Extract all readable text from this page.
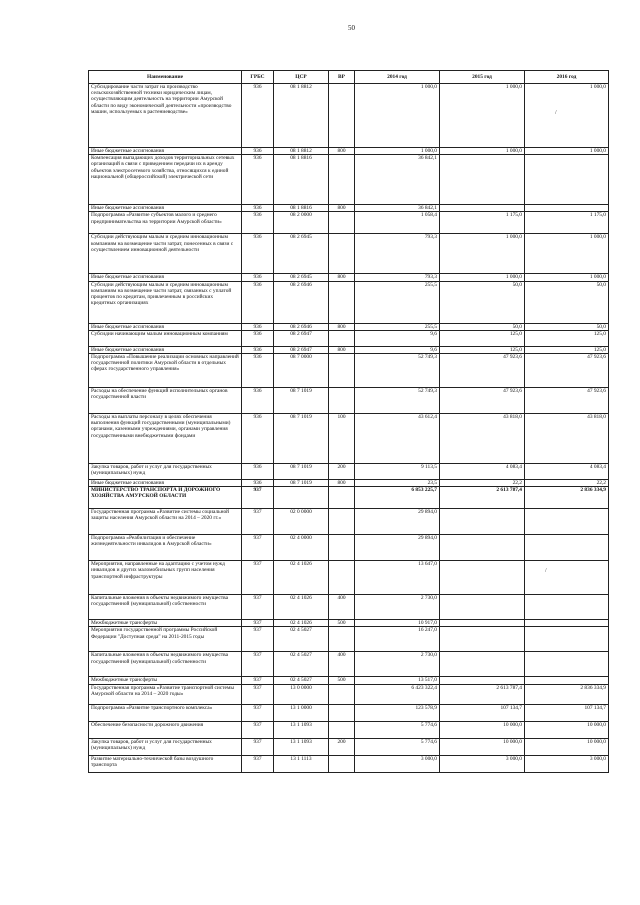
50
/
/
Наименование	ГРБС	ЦСР	ВР	2014 год	2015 год	2016 год
Субсидирование части затрат на производство сельскохозяйственной техники юридическим лицам, осуществляющим деятельность на территории Амурской области по виду экономической деятельности «производство машин, используемых в растениеводстве»	936	08 1 8812		1 000,0	1 000,0	1 000,0
Иные бюджетные ассигнования	936	08 1 8812	800	1 000,0	1 000,0	1 000,0
Компенсация выпадающих доходов территориальных сетевых организаций в связи с приведением передачи их в аренду объектов электросетевого хозяйства, относящихся к единой национальной (общероссийской) электрической сети	936	08 1 8816		36 842,1		
Иные бюджетные ассигнования	936	08 1 8816	800	36 842,1		
Подпрограмма «Развитие субъектов малого и среднего предпринимательства на территории Амурской области»	936	08 2 0000		1 058,4	1 175,0	1 175,0
Субсидии действующим малым и средним инновационным компаниям на возмещение части затрат, понесенных в связи с осуществлением инновационной деятельности	936	08 2 6945		793,3	1 000,0	1 000,0
Иные бюджетные ассигнования	936	08 2 6945	800	793,3	1 000,0	1 000,0
Субсидии действующим малым и средним инновационным компаниям на возмещение части затрат, связанных с уплатой процентов по кредитам, привлеченным в российских кредитных организациях	936	08 2 6946		255,5	50,0	50,0
Иные бюджетные ассигнования	936	08 2 6946	800	255,5	50,0	50,0
Субсидии начинающим малым инновационным компаниям	936	08 2 6947		9,6	125,0	125,0
Иные бюджетные ассигнования	936	08 2 6947	800	9,6	125,0	125,0
Подпрограмма «Повышение реализации основных направлений государственной политики Амурской области в отдельных сферах государственного управления»	936	08 7 0000		52 749,3	47 923,6	47 923,6
Расходы на обеспечение функций исполнительных органов государственной власти	936	08 7 1019		52 749,3	47 923,6	47 923,6
Расходы на выплаты персоналу в целях обеспечения выполнения функций государственными (муниципальными) органами, казенными учреждениями, органами управления государственными внебюджетными фондами	936	08 7 1019	100	43 612,4	43 818,0	43 818,0
Закупка товаров, работ и услуг для государственных (муниципальных) нужд	936	08 7 1019	200	9 113,5	4 083,4	4 083,4
Иные бюджетные ассигнования	936	08 7 1019	800	23,5	22,2	22,2
МИНИСТЕРСТВО ТРАНСПОРТА И ДОРОЖНОГО ХОЗЯЙСТВА АМУРСКОЙ ОБЛАСТИ	937			6 853 225,7	2 613 787,4	2 836 334,9
Государственная программа «Развитие системы социальной защиты населения Амурской области на 2014 – 2020 гг.»	937	02 0 0000		29 894,0		
Подпрограмма «Реабилитация и обеспечение жизнедеятельности инвалидов в Амурской области»	937	02 4 0000		29 894,0		
Мероприятия, направленные на адаптацию с учетом нужд инвалидов и других маломобильных групп населения транспортной инфраструктуры	937	02 4 1026		13 647,0		
Капитальные вложения в объекты недвижимого имущества государственной (муниципальной) собственности	937	02 4 1026	400	2 730,0		
Межбюджетные трансферты	937	02 4 1026	500	10 917,0		
Мероприятия государственной программы Российской Федерации "Доступная среда" на 2011-2015 годы	937	02 4 5027		16 247,0		
Капитальные вложения в объекты недвижимого имущества государственной (муниципальной) собственности	937	02 4 5027	400	2 730,0		
Межбюджетные трансферты	937	02 4 5027	500	13 517,0		
Государственная программа «Развитие транспортной системы Амурской области на 2014 – 2020 годы»	937	13 0 0000		6 423 322,4	2 613 787,4	2 836 334,9
Подпрограмма «Развитие транспортного комплекса»	937	13 1 0000		123 578,9	107 134,7	107 134,7
Обеспечение безопасности дорожного движения	937	13 1 1093		5 774,6	10 000,0	10 000,0
Закупка товаров, работ и услуг для государственных (муниципальных) нужд	937	13 1 1093	200	5 774,6	10 000,0	10 000,0
Развитие материально-технической базы воздушного транспорта	937	13 1 1113		3 000,0	3 000,0	3 000,0
